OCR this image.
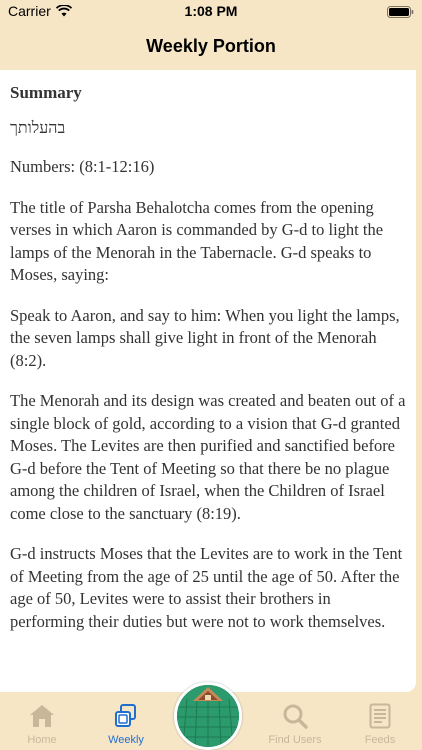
Carrier	1:08 PM
Weekly Portion
Summary
בהעלותך
Numbers: (8:1-12:16)
The title of Parsha Behalotcha comes from the opening verses in which Aaron is commanded by G-d to light the lamps of the Menorah in the Tabernacle. G-d speaks to Moses, saying:
Speak to Aaron, and say to him: When you light the lamps, the seven lamps shall give light in front of the Menorah (8:2).
The Menorah and its design was created and beaten out of a single block of gold, according to a vision that G-d granted Moses. The Levites are then purified and sanctified before G-d before the Tent of Meeting so that there be no plague among the children of Israel, when the Children of Israel come close to the sanctuary (8:19).
G-d instructs Moses that the Levites are to work in the Tent of Meeting from the age of 25 until the age of 50. After the age of 50, Levites were to assist their brothers in performing their duties but were not to work themselves.
Home	Weekly	Find Users	Feeds
